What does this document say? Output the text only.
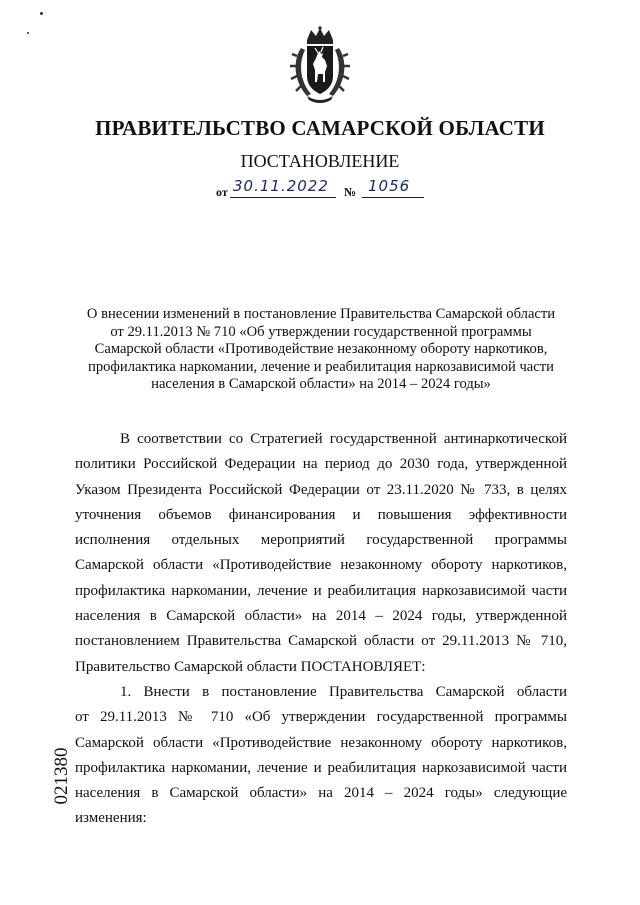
ПРАВИТЕЛЬСТВО САМАРСКОЙ ОБЛАСТИ
ПОСТАНОВЛЕНИЕ
от 30.11.2022 № 1056
О внесении изменений в постановление Правительства Самарской области
от 29.11.2013 № 710 «Об утверждении государственной программы
Самарской области «Противодействие незаконному обороту наркотиков,
профилактика наркомании, лечение и реабилитация наркозависимой части
населения в Самарской области» на 2014 – 2024 годы»
В соответствии со Стратегией государственной антинаркотической
политики Российской Федерации на период до 2030 года, утвержденной
Указом Президента Российской Федерации от 23.11.2020 № 733, в целях
уточнения объемов финансирования и повышения эффективности
исполнения отдельных мероприятий государственной программы
Самарской области «Противодействие незаконному обороту наркотиков,
профилактика наркомании, лечение и реабилитация наркозависимой части
населения в Самарской области» на 2014 – 2024 годы, утвержденной
постановлением Правительства Самарской области от 29.11.2013 № 710,
Правительство Самарской области ПОСТАНОВЛЯЕТ:
1. Внести в постановление Правительства Самарской области
от 29.11.2013 № 710 «Об утверждении государственной программы
Самарской области «Противодействие незаконному обороту наркотиков,
профилактика наркомании, лечение и реабилитация наркозависимой части
населения в Самарской области» на 2014 – 2024 годы» следующие
изменения:
021380
